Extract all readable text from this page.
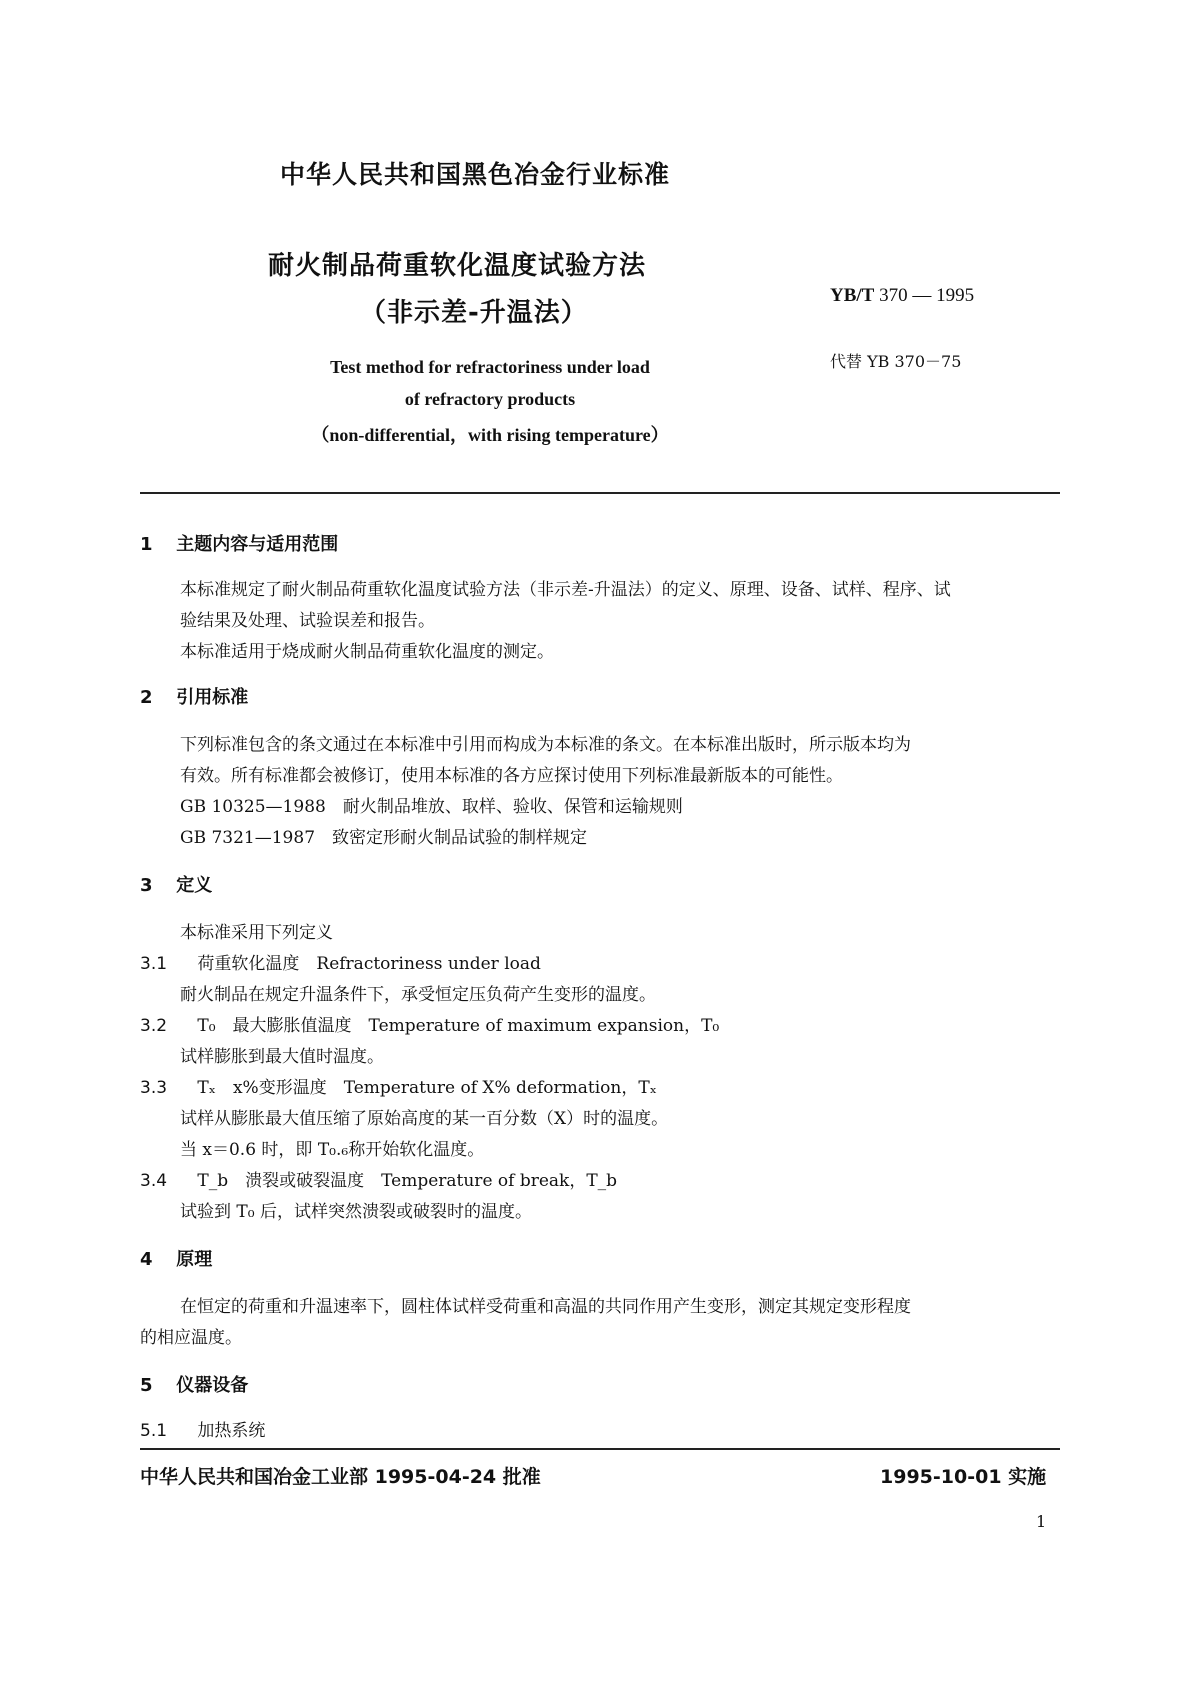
中华人民共和国黑色冶金行业标准
耐火制品荷重软化温度试验方法
（非示差-升温法）
YB/T 370 — 1995
代替 YB 370－75
Test method for refractoriness under load
of refractory products
（non-differential，with rising temperature）
1 主题内容与适用范围
本标准规定了耐火制品荷重软化温度试验方法（非示差-升温法）的定义、原理、设备、试样、程序、试
验结果及处理、试验误差和报告。
本标准适用于烧成耐火制品荷重软化温度的测定。
2 引用标准
下列标准包含的条文通过在本标准中引用而构成为本标准的条文。在本标准出版时，所示版本均为
有效。所有标准都会被修订，使用本标准的各方应探讨使用下列标准最新版本的可能性。
GB 10325—1988　耐火制品堆放、取样、验收、保管和运输规则
GB 7321—1987　致密定形耐火制品试验的制样规定
3 定义
本标准采用下列定义
3.1 荷重软化温度　Refractoriness under load
耐火制品在规定升温条件下，承受恒定压负荷产生变形的温度。
3.2 T₀　最大膨胀值温度　Temperature of maximum expansion，T₀
试样膨胀到最大值时温度。
3.3 Tₓ　x%变形温度　Temperature of X% deformation，Tₓ
试样从膨胀最大值压缩了原始高度的某一百分数（X）时的温度。
当 x＝0.6 时，即 T₀.₆称开始软化温度。
3.4 T_b　溃裂或破裂温度　Temperature of break，T_b
试验到 T₀ 后，试样突然溃裂或破裂时的温度。
4 原理
在恒定的荷重和升温速率下，圆柱体试样受荷重和高温的共同作用产生变形，测定其规定变形程度
的相应温度。
5 仪器设备
5.1 加热系统
中华人民共和国冶金工业部 1995-04-24 批准	1995-10-01 实施
1
